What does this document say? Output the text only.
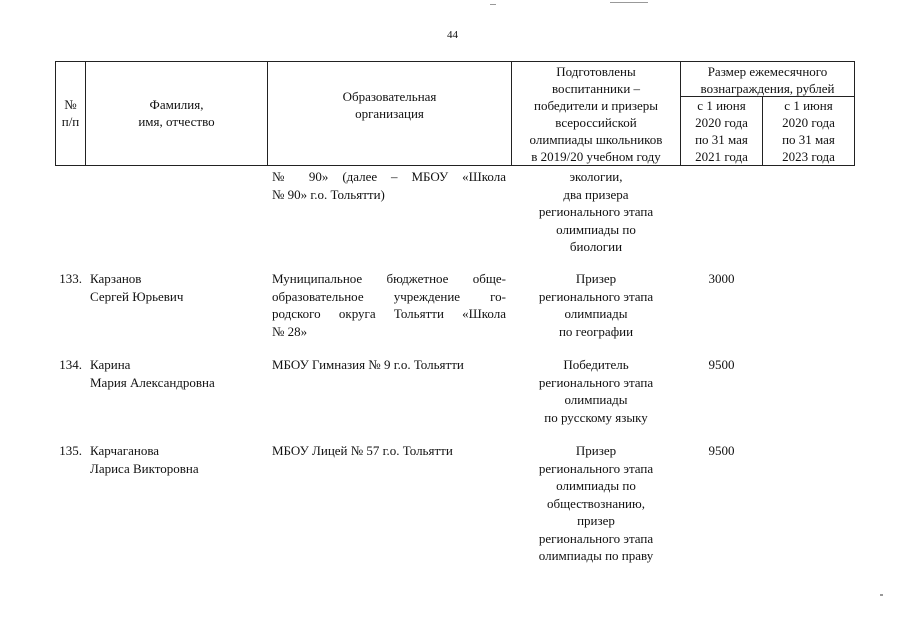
44
№
п/п
Фамилия,
имя, отчество
Образовательная
организация
Подготовлены
воспитанники –
победители и призеры
всероссийской
олимпиады школьников
в 2019/20 учебном году
Размер ежемесячного
вознаграждения, рублей
с 1 июня
2020 года
по 31 мая
2021 года
с 1 июня
2020 года
по 31 мая
2023 года
№ 90» (далее – МБОУ «Школа
№ 90» г.о. Тольятти)
экологии,
два призера
регионального этапа
олимпиады по
биологии
133. Карзанов
Сергей Юрьевич
Муниципальное бюджетное обще-
образовательное учреждение го-
родского округа Тольятти «Школа
№ 28»
Призер
регионального этапа
олимпиады
по географии
3000
134. Карина
Мария Александровна
МБОУ Гимназия № 9 г.о. Тольятти	Победитель
регионального этапа
олимпиады
по русскому языку
9500
135. Карчаганова
Лариса Викторовна
МБОУ Лицей № 57 г.о. Тольятти	Призер
регионального этапа
олимпиады по
обществознанию,
призер
регионального этапа
олимпиады по праву
9500
